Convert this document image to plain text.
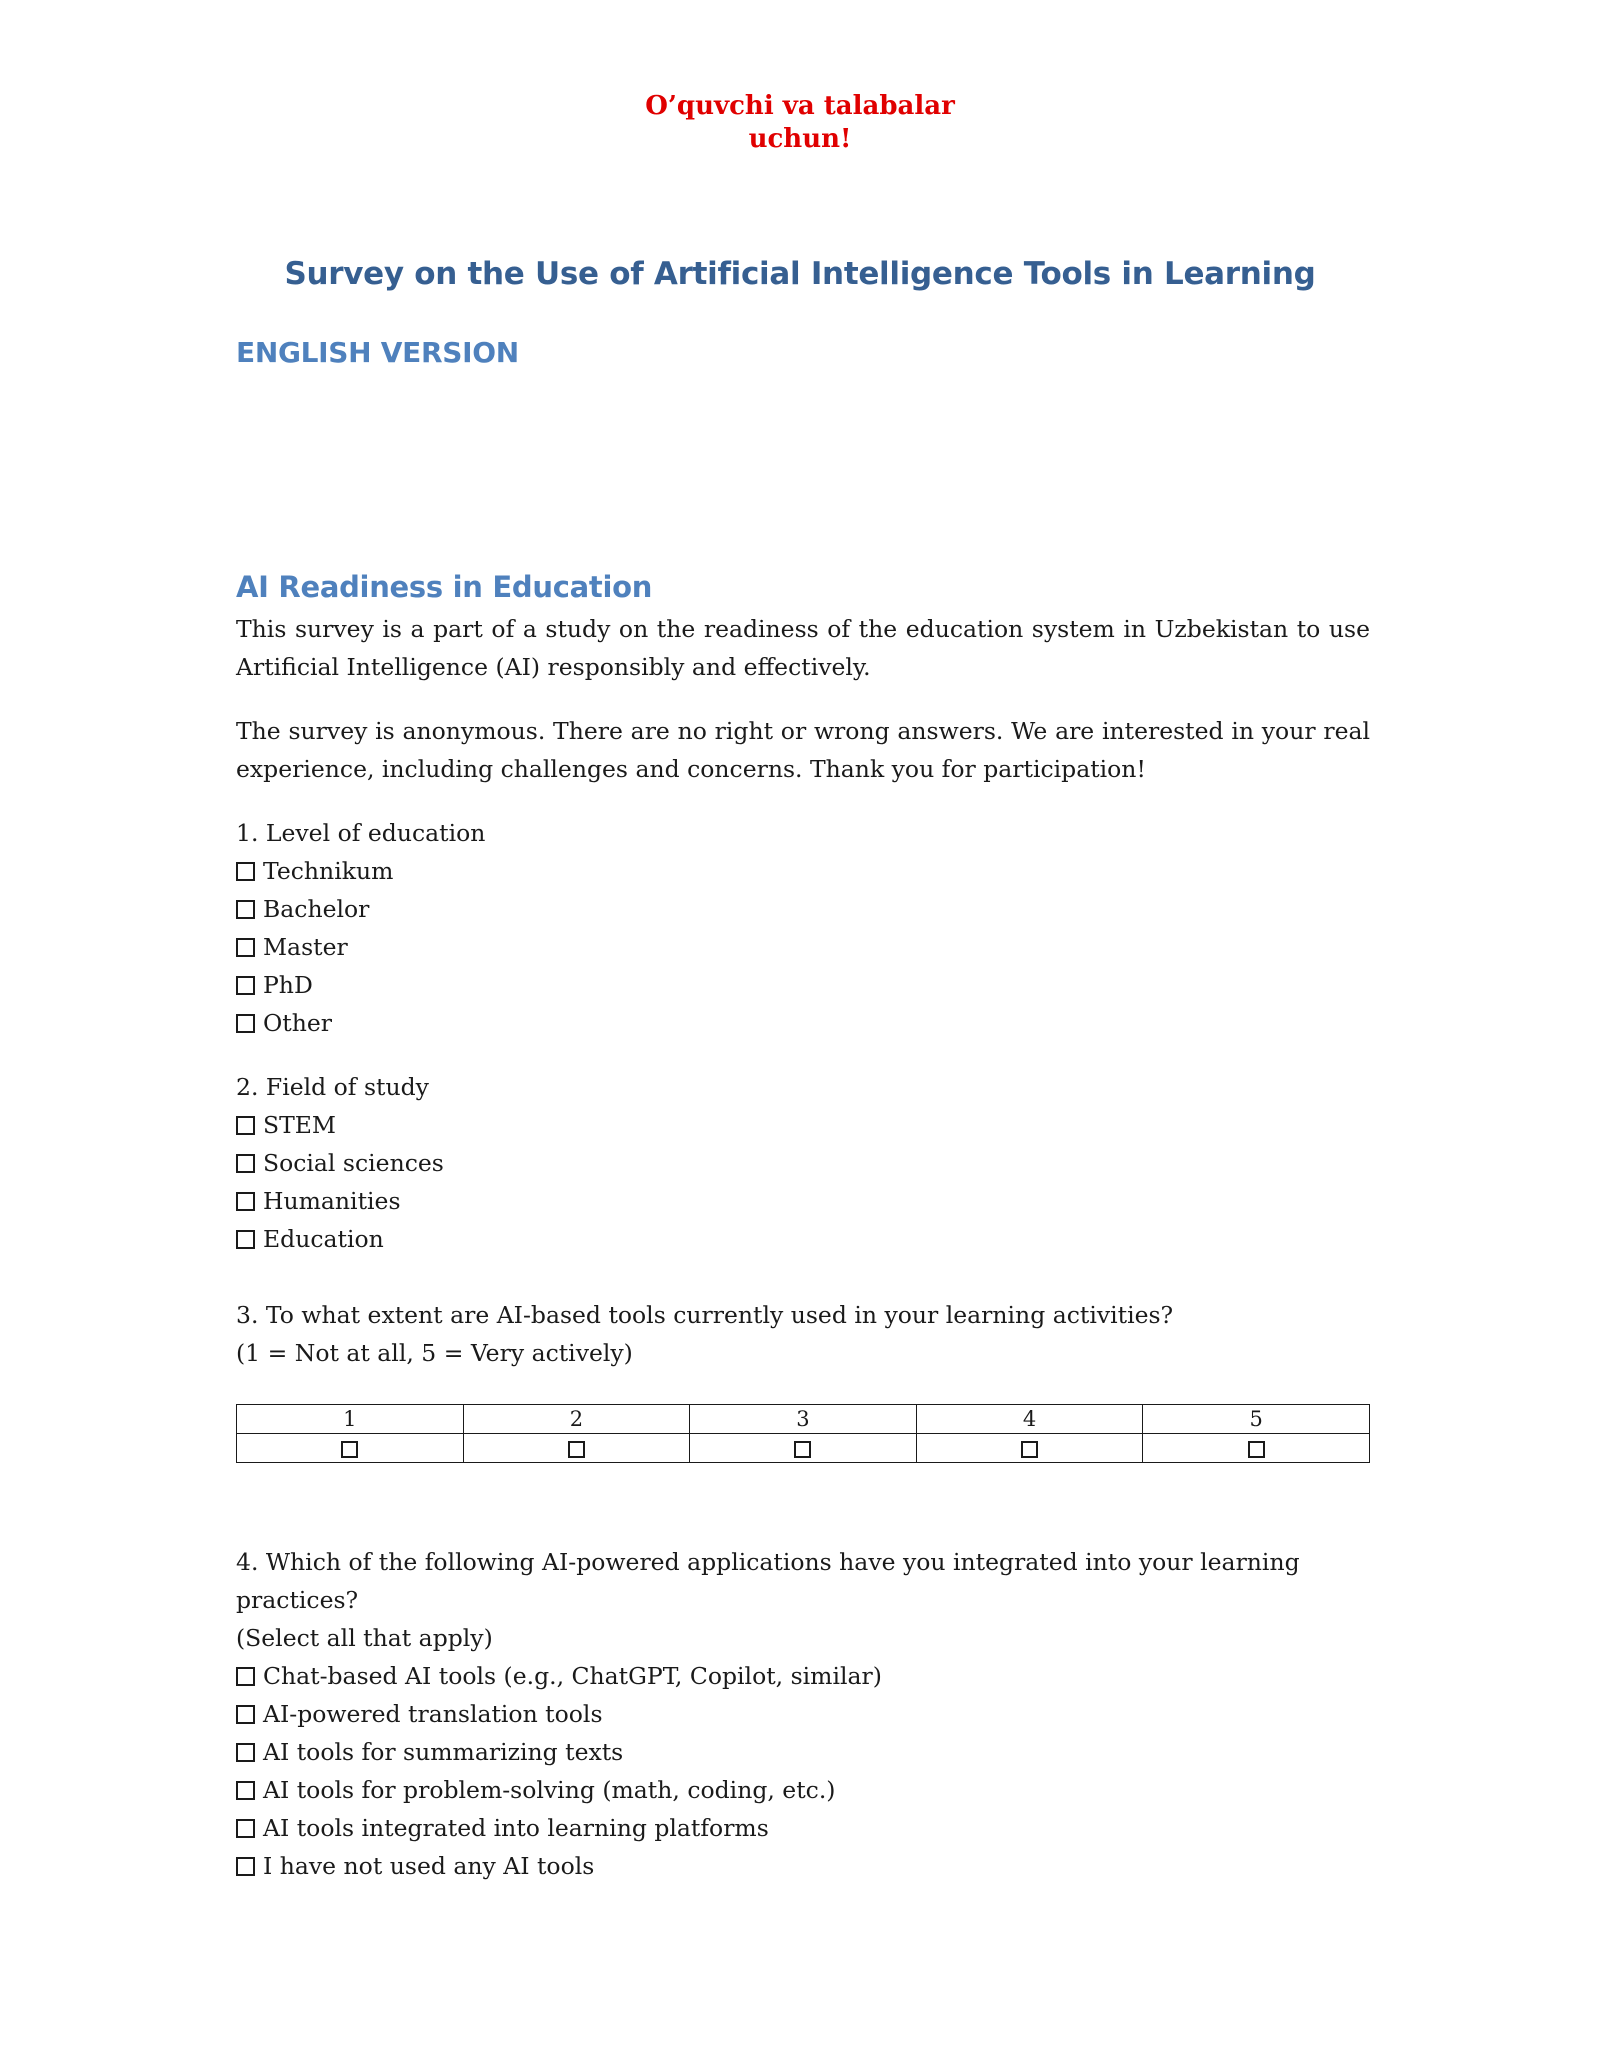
O’quvchi va talabalar
uchun!
Survey on the Use of Artificial Intelligence Tools in Learning
ENGLISH VERSION
AI Readiness in Education

This survey is a part of a study on the readiness of the education system in Uzbekistan to use Artificial Intelligence (AI) responsibly and effectively.

The survey is anonymous. There are no right or wrong answers. We are interested in your real experience, including challenges and concerns. Thank you for participation!

1. Level of education

Technikum
Bachelor
Master
PhD
Other

2. Field of study

STEM
Social sciences
Humanities
Education

3. To what extent are AI-based tools currently used in your learning activities?

(1 = Not at all, 5 = Very actively)

1	2	3	4	5

4. Which of the following AI-powered applications have you integrated into your learning practices?

(Select all that apply)

Chat-based AI tools (e.g., ChatGPT, Copilot, similar)
AI-powered translation tools
AI tools for summarizing texts
AI tools for problem-solving (math, coding, etc.)
AI tools integrated into learning platforms
I have not used any AI tools
